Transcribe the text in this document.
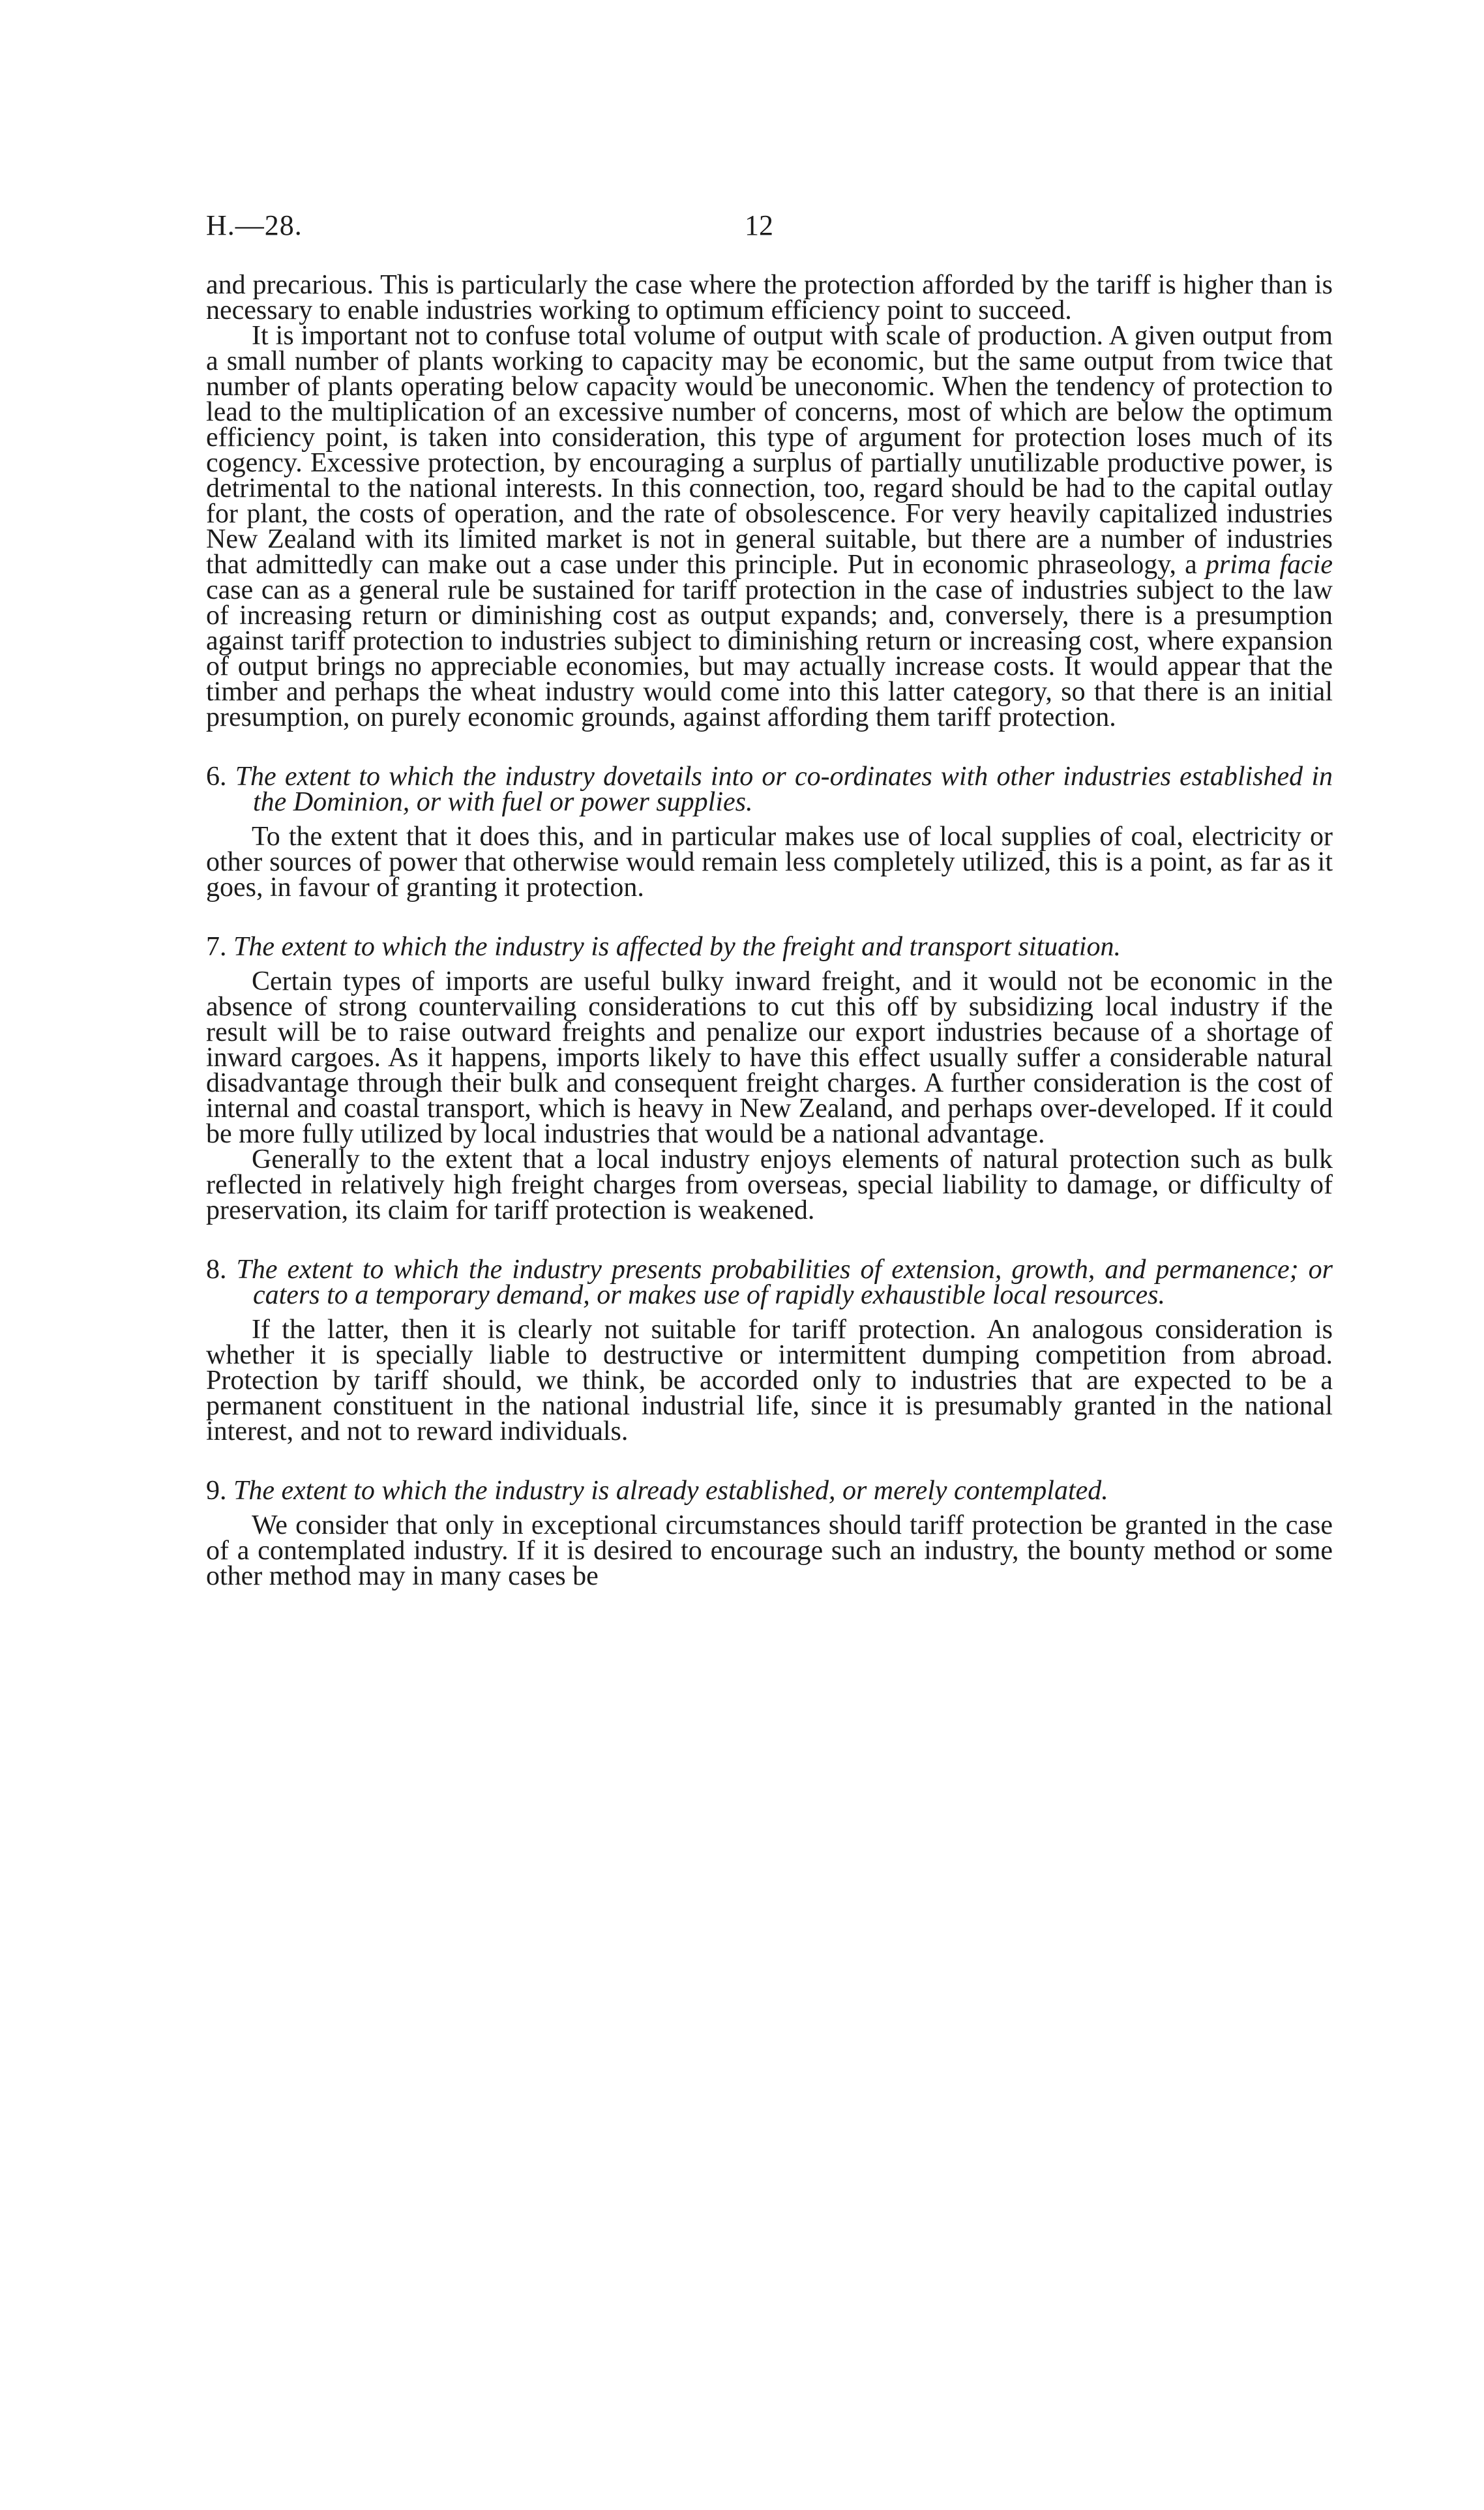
H.—28.	12

and precarious. This is particularly the case where the protection afforded by the tariff is higher than is necessary to enable industries working to optimum efficiency point to succeed.

It is important not to confuse total volume of output with scale of production. A given output from a small number of plants working to capacity may be economic, but the same output from twice that number of plants operating below capacity would be uneconomic. When the tendency of protection to lead to the multiplication of an excessive number of concerns, most of which are below the optimum efficiency point, is taken into consideration, this type of argument for protection loses much of its cogency. Excessive protection, by encouraging a surplus of partially unutilizable productive power, is detrimental to the national interests. In this connection, too, regard should be had to the capital outlay for plant, the costs of operation, and the rate of obsolescence. For very heavily capitalized industries New Zealand with its limited market is not in general suitable, but there are a number of industries that admittedly can make out a case under this principle. Put in economic phraseology, a prima facie case can as a general rule be sustained for tariff protection in the case of industries subject to the law of increasing return or diminishing cost as output expands; and, conversely, there is a presumption against tariff protection to industries subject to diminishing return or increasing cost, where expansion of output brings no appreciable economies, but may actually increase costs. It would appear that the timber and perhaps the wheat industry would come into this latter category, so that there is an initial presumption, on purely economic grounds, against affording them tariff protection.

6. The extent to which the industry dovetails into or co-ordinates with other industries established in the Dominion, or with fuel or power supplies.

To the extent that it does this, and in particular makes use of local supplies of coal, electricity or other sources of power that otherwise would remain less completely utilized, this is a point, as far as it goes, in favour of granting it protection.

7. The extent to which the industry is affected by the freight and transport situation.

Certain types of imports are useful bulky inward freight, and it would not be economic in the absence of strong countervailing considerations to cut this off by subsidizing local industry if the result will be to raise outward freights and penalize our export industries because of a shortage of inward cargoes. As it happens, imports likely to have this effect usually suffer a considerable natural disadvantage through their bulk and consequent freight charges. A further consideration is the cost of internal and coastal transport, which is heavy in New Zealand, and perhaps over-developed. If it could be more fully utilized by local industries that would be a national advantage.

Generally to the extent that a local industry enjoys elements of natural protection such as bulk reflected in relatively high freight charges from overseas, special liability to damage, or difficulty of preservation, its claim for tariff protection is weakened.

8. The extent to which the industry presents probabilities of extension, growth, and permanence; or caters to a temporary demand, or makes use of rapidly exhaustible local resources.

If the latter, then it is clearly not suitable for tariff protection. An analogous consideration is whether it is specially liable to destructive or intermittent dumping competition from abroad. Protection by tariff should, we think, be accorded only to industries that are expected to be a permanent constituent in the national industrial life, since it is presumably granted in the national interest, and not to reward individuals.

9. The extent to which the industry is already established, or merely contemplated.

We consider that only in exceptional circumstances should tariff protection be granted in the case of a contemplated industry. If it is desired to encourage such an industry, the bounty method or some other method may in many cases be
